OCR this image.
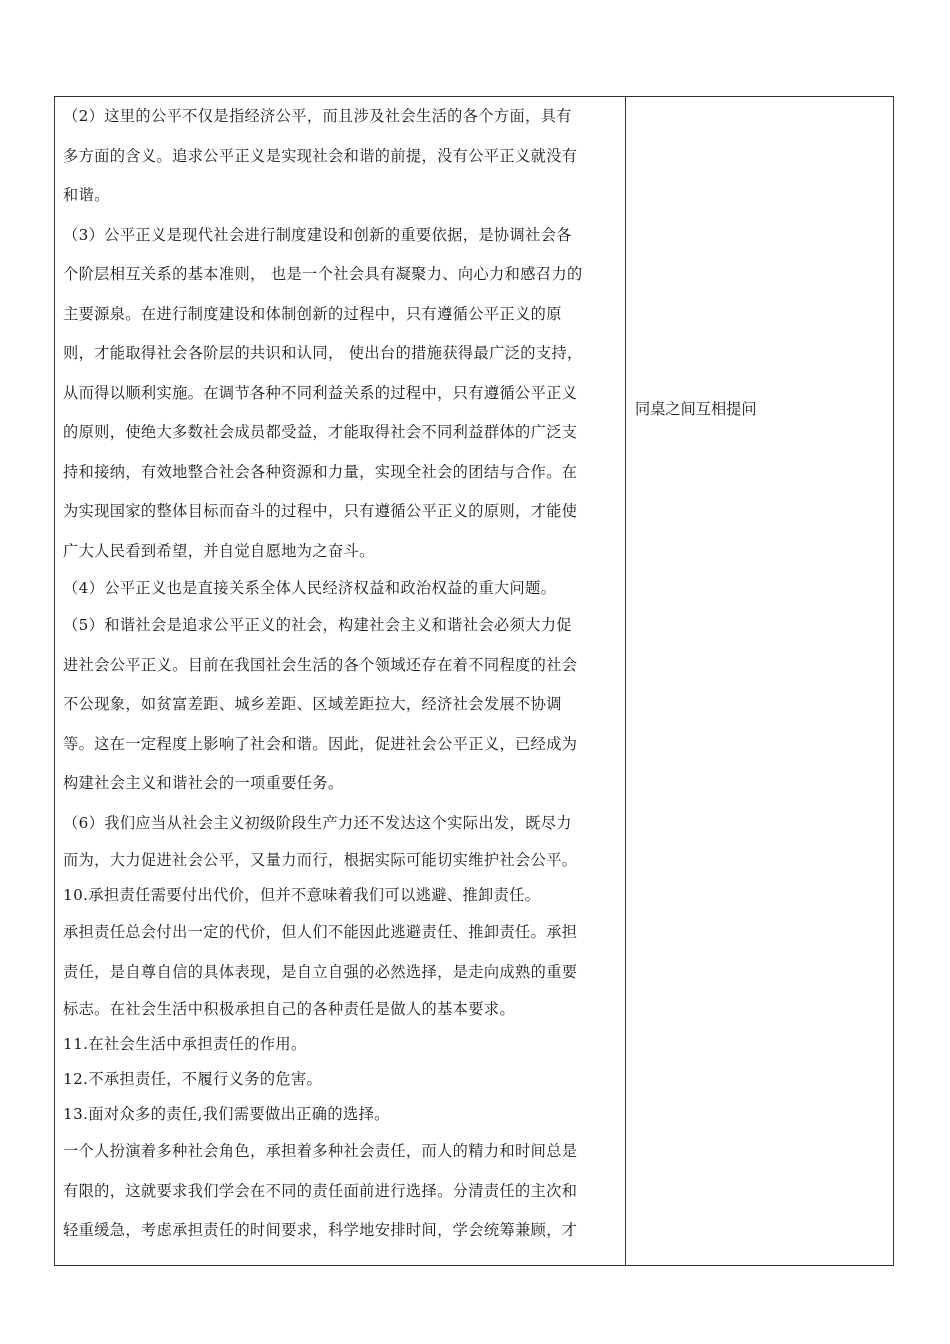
（2）这里的公平不仅是指经济公平，而且涉及社会生活的各个方面，具有
多方面的含义。追求公平正义是实现社会和谐的前提，没有公平正义就没有
和谐。
（3）公平正义是现代社会进行制度建设和创新的重要依据，是协调社会各
个阶层相互关系的基本准则， 也是一个社会具有凝聚力、向心力和感召力的
主要源泉。在进行制度建设和体制创新的过程中，只有遵循公平正义的原
则，才能取得社会各阶层的共识和认同， 使出台的措施获得最广泛的支持，
从而得以顺利实施。在调节各种不同利益关系的过程中，只有遵循公平正义
的原则，使绝大多数社会成员都受益，才能取得社会不同利益群体的广泛支
持和接纳，有效地整合社会各种资源和力量，实现全社会的团结与合作。在
为实现国家的整体目标而奋斗的过程中，只有遵循公平正义的原则，才能使
广大人民看到希望，并自觉自愿地为之奋斗。
（4）公平正义也是直接关系全体人民经济权益和政治权益的重大问题。
（5）和谐社会是追求公平正义的社会，构建社会主义和谐社会必须大力促
进社会公平正义。目前在我国社会生活的各个领域还存在着不同程度的社会
不公现象，如贫富差距、城乡差距、区域差距拉大，经济社会发展不协调
等。这在一定程度上影响了社会和谐。因此，促进社会公平正义，已经成为
构建社会主义和谐社会的一项重要任务。
（6）我们应当从社会主义初级阶段生产力还不发达这个实际出发，既尽力
而为，大力促进社会公平，又量力而行，根据实际可能切实维护社会公平。
10.承担责任需要付出代价，但并不意味着我们可以逃避、推卸责任。
承担责任总会付出一定的代价，但人们不能因此逃避责任、推卸责任。承担
责任，是自尊自信的具体表现，是自立自强的必然选择，是走向成熟的重要
标志。在社会生活中积极承担自己的各种责任是做人的基本要求。
11.在社会生活中承担责任的作用。
12.不承担责任，不履行义务的危害。
13.面对众多的责任,我们需要做出正确的选择。
一个人扮演着多种社会角色，承担着多种社会责任，而人的精力和时间总是
有限的，这就要求我们学会在不同的责任面前进行选择。分清责任的主次和
轻重缓急，考虑承担责任的时间要求，科学地安排时间，学会统筹兼顾，才
同桌之间互相提问
